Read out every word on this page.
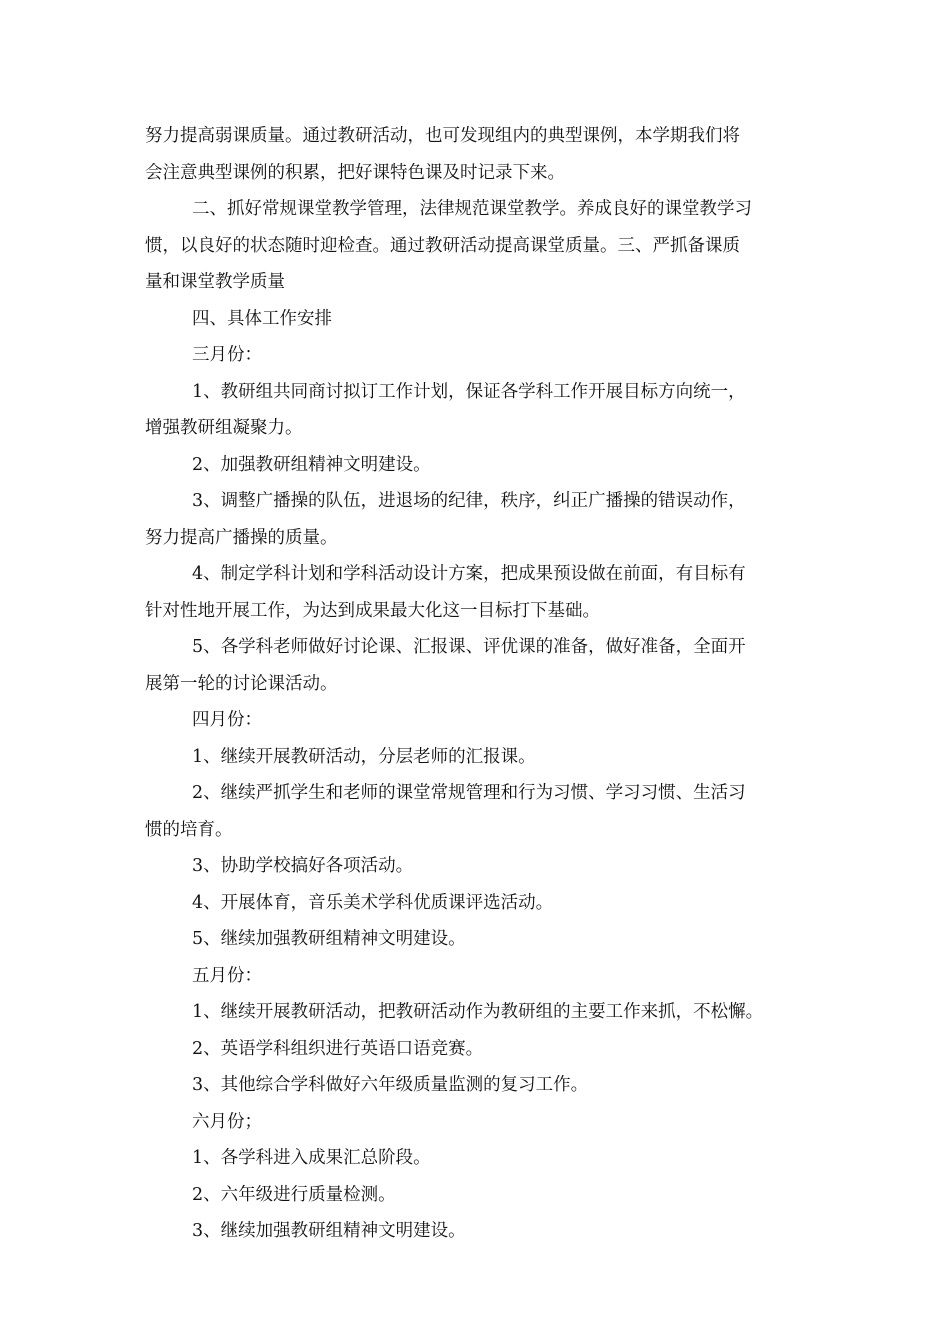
努力提高弱课质量。通过教研活动，也可发现组内的典型课例，本学期我们将

会注意典型课例的积累，把好课特色课及时记录下来。

二、抓好常规课堂教学管理，法律规范课堂教学。养成良好的课堂教学习

惯，以良好的状态随时迎检查。通过教研活动提高课堂质量。三、严抓备课质

量和课堂教学质量

四、具体工作安排

三月份：

1、教研组共同商讨拟订工作计划，保证各学科工作开展目标方向统一，

增强教研组凝聚力。

2、加强教研组精神文明建设。

3、调整广播操的队伍，进退场的纪律，秩序，纠正广播操的错误动作，

努力提高广播操的质量。

4、制定学科计划和学科活动设计方案，把成果预设做在前面，有目标有

针对性地开展工作，为达到成果最大化这一目标打下基础。

5、各学科老师做好讨论课、汇报课、评优课的准备，做好准备，全面开

展第一轮的讨论课活动。

四月份：

1、继续开展教研活动，分层老师的汇报课。

2、继续严抓学生和老师的课堂常规管理和行为习惯、学习习惯、生活习

惯的培育。

3、协助学校搞好各项活动。

4、开展体育，音乐美术学科优质课评选活动。

5、继续加强教研组精神文明建设。

五月份：

1、继续开展教研活动，把教研活动作为教研组的主要工作来抓，不松懈。

2、英语学科组织进行英语口语竞赛。

3、其他综合学科做好六年级质量监测的复习工作。

六月份；

1、各学科进入成果汇总阶段。

2、六年级进行质量检测。

3、继续加强教研组精神文明建设。
